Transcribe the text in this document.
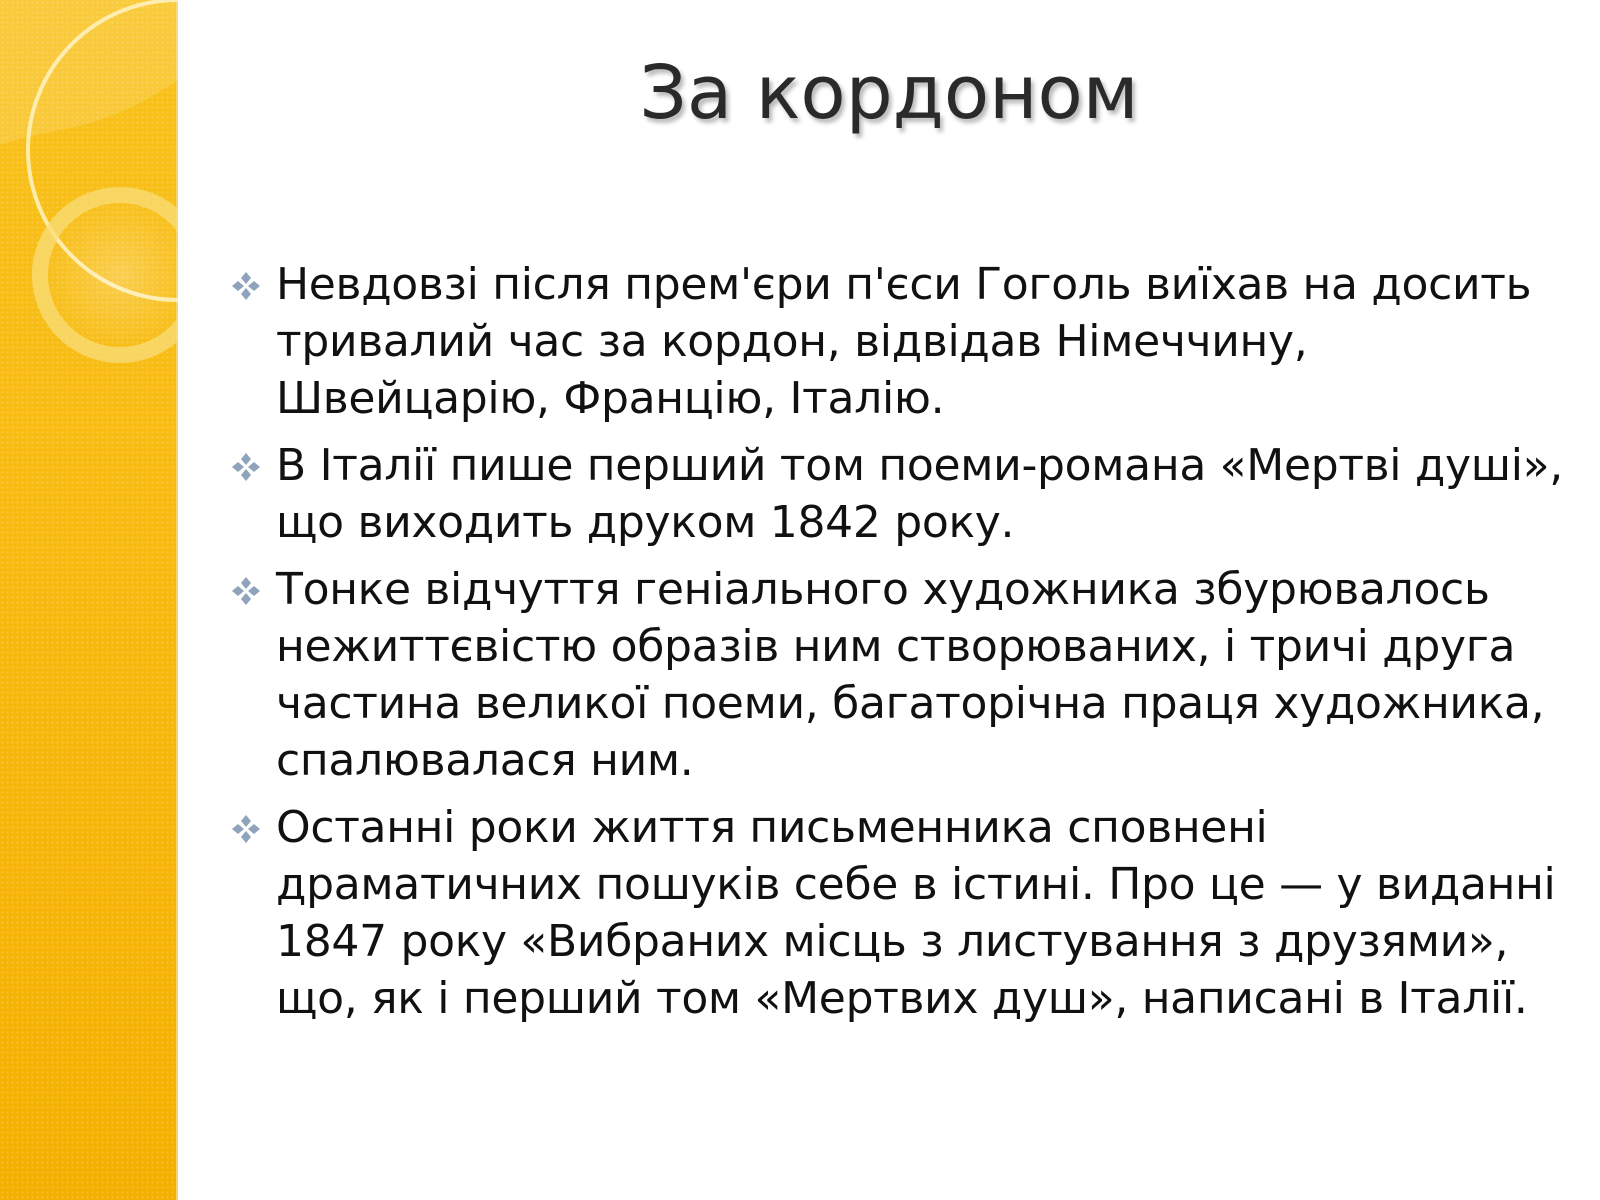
За кордоном
Невдовзі після прем'єри п'єси Гоголь виїхав на досить тривалий час за кордон, відвідав Німеччину, Швейцарію, Францію, Італію.
В Італії пише перший том поеми-романа «Мертві душі», що виходить друком 1842 року.
Тонке відчуття геніального художника збурювалось нежиттєвістю образів ним створюваних, і тричі друга частина великої поеми, багаторічна праця художника, спалювалася ним.
Останні роки життя письменника сповнені драматичних пошуків себе в істині. Про це — у виданні 1847 року «Вибраних місць з листування з друзями», що, як і перший том «Мертвих душ», написані в Італії.
